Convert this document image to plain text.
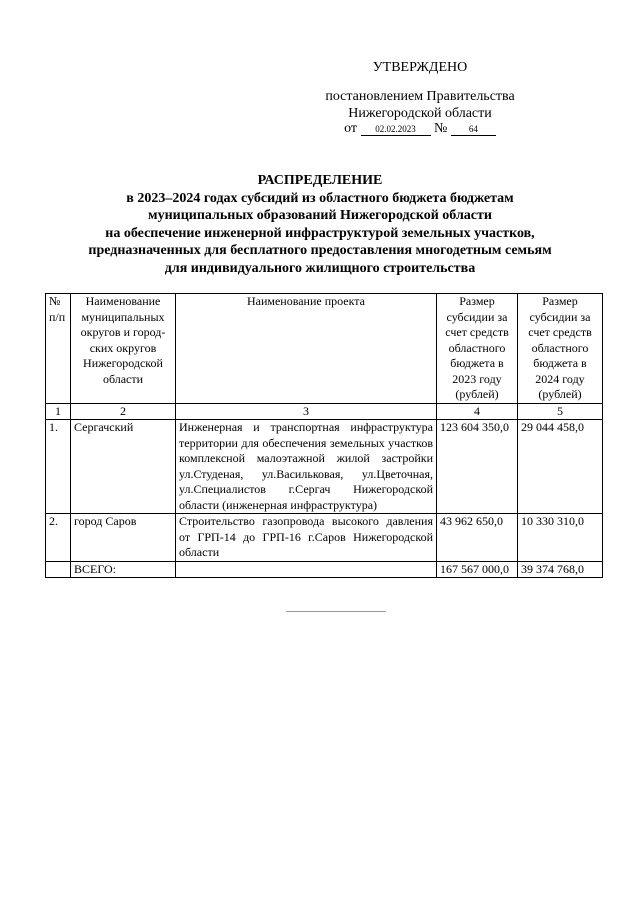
УТВЕРЖДЕНО
постановлением Правительства
Нижегородской области
от 02.02.2023 № 64
РАСПРЕДЕЛЕНИЕ
в 2023–2024 годах субсидий из областного бюджета бюджетам
муниципальных образований Нижегородской области
на обеспечение инженерной инфраструктурой земельных участков,
предназначенных для бесплатного предоставления многодетным семьям
для индивидуального жилищного строительства
№ п/п	Наименование муниципальных округов и город-ских округов Нижегородской области	Наименование проекта	Размер субсидии за счет средств областного бюджета в 2023 году (рублей)	Размер субсидии за счет средств областного бюджета в 2024 году (рублей)
1	2	3	4	5
1.	Сергачский	Инженерная и транспортная инфраструктура территории для обеспечения земельных участков комплексной малоэтажной жилой застройки ул.Студеная, ул.Васильковая, ул.Цветочная, ул.Специалистов г.Сергач Нижегородской области (инженерная инфраструктура)	123 604 350,0	29 044 458,0
2.	город Саров	Строительство газопровода высокого давления от ГРП-14 до ГРП-16 г.Саров Нижегородской области	43 962 650,0	10 330 310,0
	ВСЕГО:		167 567 000,0	39 374 768,0
